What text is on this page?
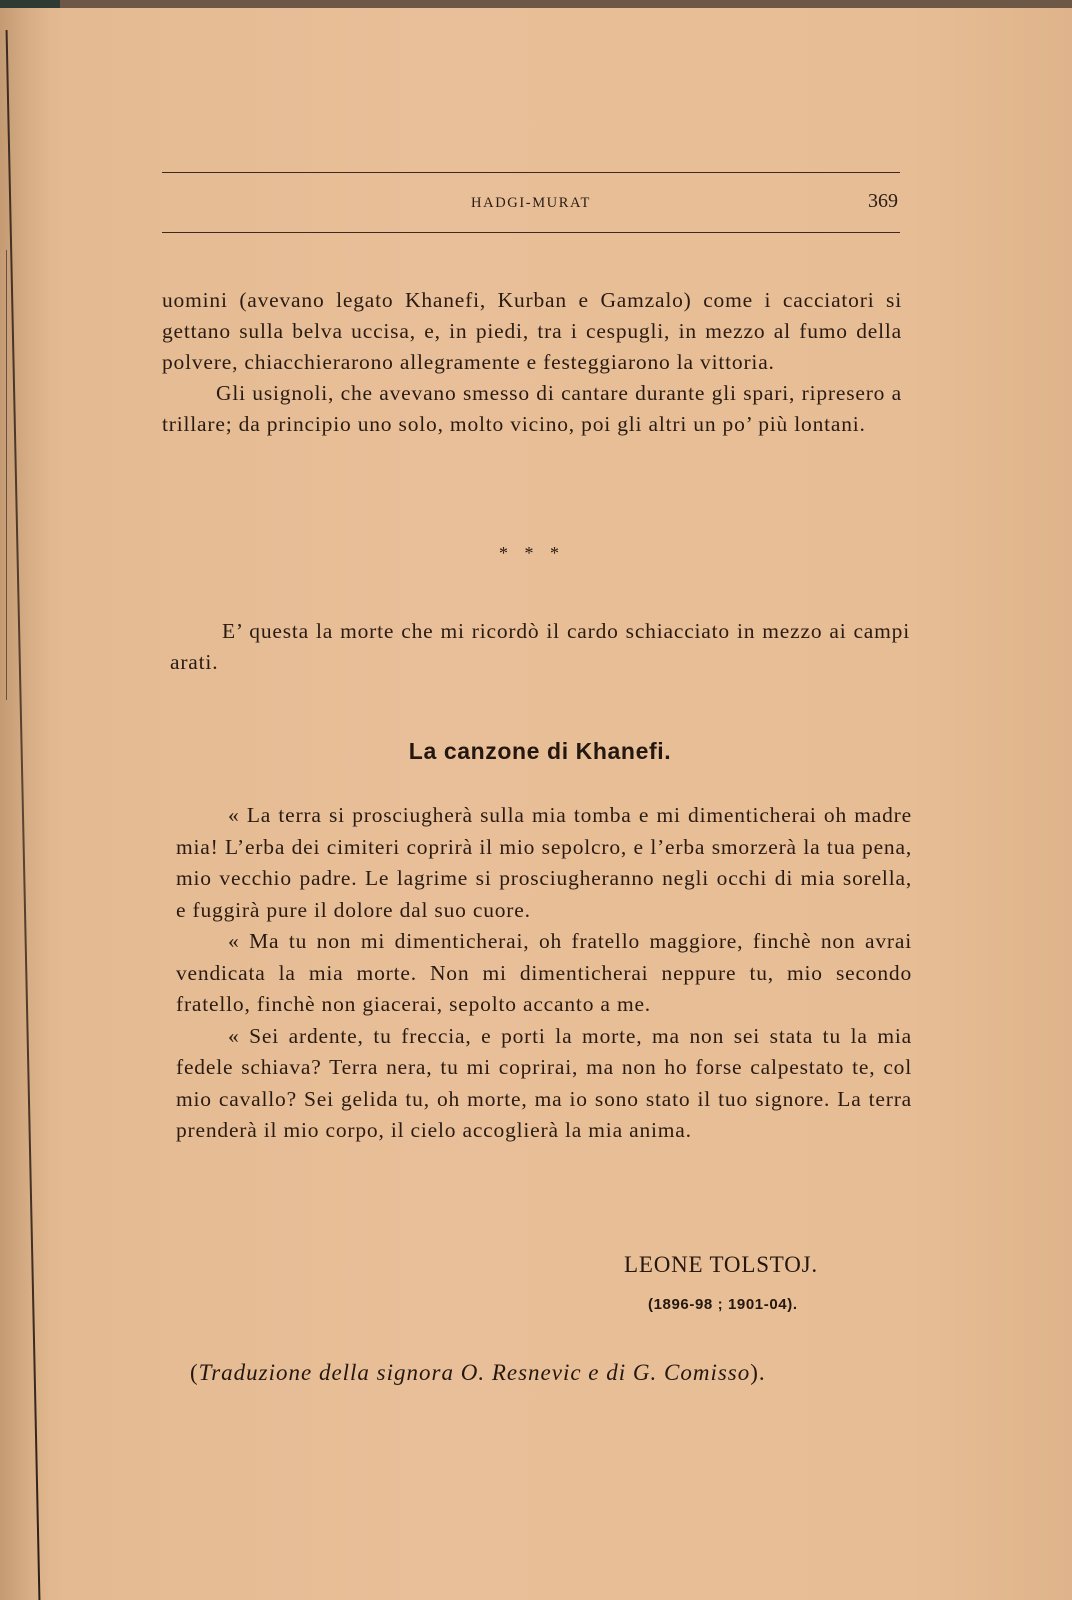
HADGI-MURAT	369

uomini (avevano legato Khanefi, Kurban e Gamzalo) come i cacciatori si gettano sulla belva uccisa, e, in piedi, tra i cespugli, in mezzo al fumo della polvere, chiacchierarono allegramente e festeggiarono la vittoria.

Gli usignoli, che avevano smesso di cantare durante gli spari, ripresero a trillare; da principio uno solo, molto vicino, poi gli altri un po’ più lontani.

* * *

E’ questa la morte che mi ricordò il cardo schiacciato in mezzo ai campi arati.

La canzone di Khanefi.

« La terra si prosciugherà sulla mia tomba e mi dimenticherai oh madre mia! L’erba dei cimiteri coprirà il mio sepolcro, e l’erba smorzerà la tua pena, mio vecchio padre. Le lagrime si prosciugheranno negli occhi di mia sorella, e fuggirà pure il dolore dal suo cuore.

« Ma tu non mi dimenticherai, oh fratello maggiore, finchè non avrai vendicata la mia morte. Non mi dimenticherai neppure tu, mio secondo fratello, finchè non giacerai, sepolto accanto a me.

« Sei ardente, tu freccia, e porti la morte, ma non sei stata tu la mia fedele schiava? Terra nera, tu mi coprirai, ma non ho forse calpestato te, col mio cavallo? Sei gelida tu, oh morte, ma io sono stato il tuo signore. La terra prenderà il mio corpo, il cielo accoglierà la mia anima.

LEONE TOLSTOJ.
(1896-98 ; 1901-04).
(Traduzione della signora O. Resnevic e di G. Comisso).
